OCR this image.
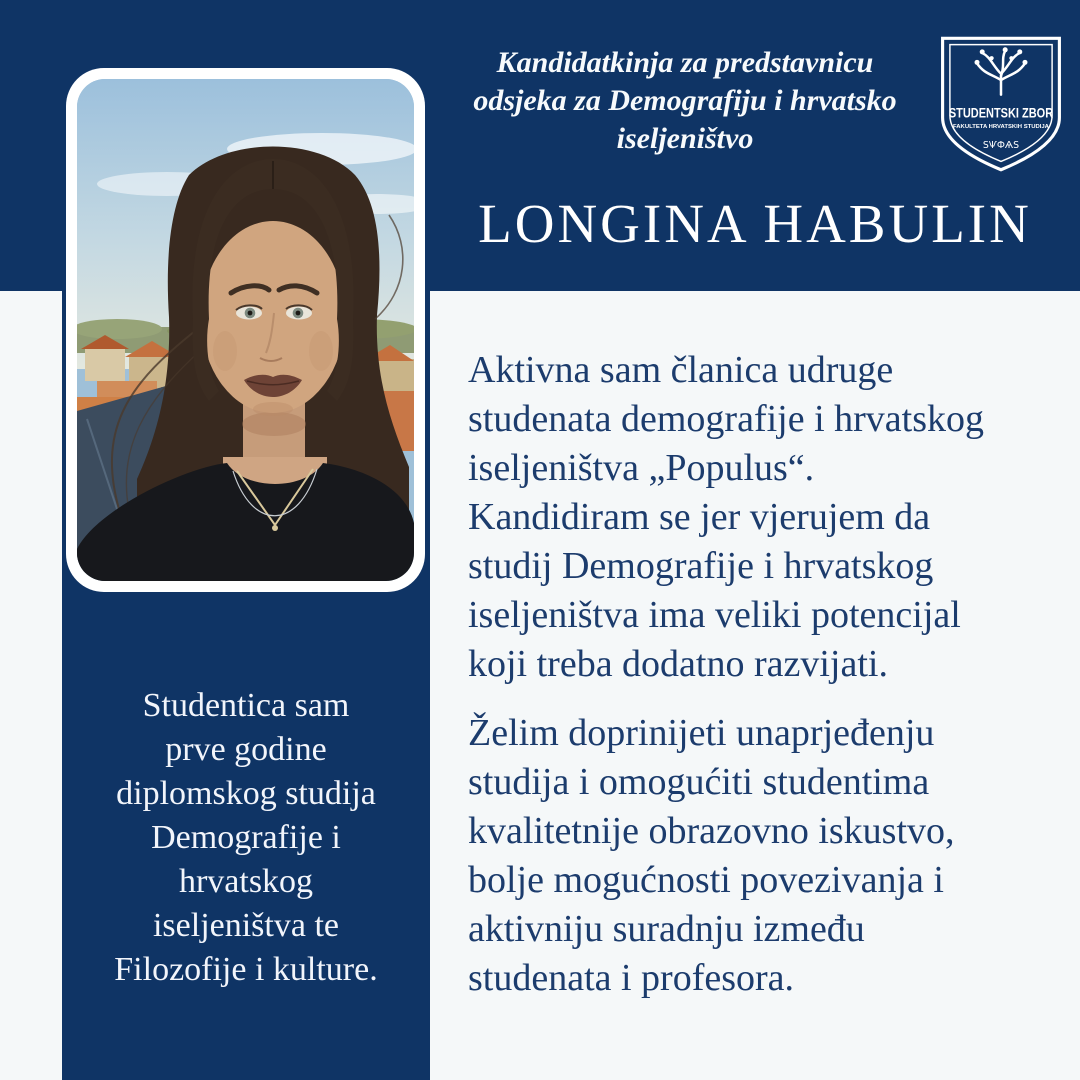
Kandidatkinja za predstavnicu
odsjeka za Demografiju i hrvatsko
iseljeništvo
LONGINA HABULIN
STUDENTSKI ZBOR
FAKULTETA HRVATSKIH STUDIJA
ЅѰФѦЅ

Aktivna sam članica udruge
studenata demografije i hrvatskog
iseljeništva „Populus“.
Kandidiram se jer vjerujem da
studij Demografije i hrvatskog
iseljeništva ima veliki potencijal
koji treba dodatno razvijati.

Želim doprinijeti unaprjeđenju
studija i omogućiti studentima
kvalitetnije obrazovno iskustvo,
bolje mogućnosti povezivanja i
aktivniju suradnju između
studenata i profesora.

Studentica sam
prve godine
diplomskog studija
Demografije i
hrvatskog
iseljeništva te
Filozofije i kulture.
